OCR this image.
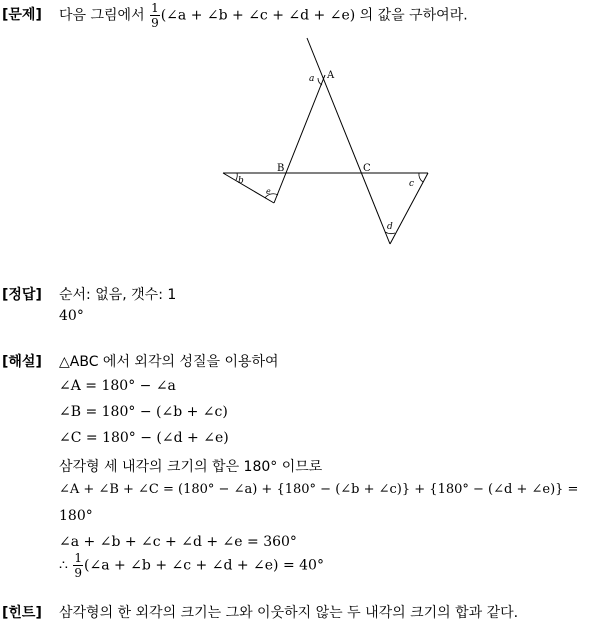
[문제] 다음 그림에서 $\frac{1}{9}$ (∠a + ∠b + ∠c + ∠d + ∠e) 의 값을 구하여라.
A
B	C
a
b	c
d
e
[정답] 순서: 없음, 갯수: 1
40°
[해설] △ABC 에서 외각의 성질을 이용하여
∠A = 180° − ∠a
∠B = 180° − (∠b + ∠c)
∠C = 180° − (∠d + ∠e)
삼각형 세 내각의 크기의 합은 180° 이므로
∠A + ∠B + ∠C = (180° − ∠a) + {180° − (∠b + ∠c)} + {180° − (∠d + ∠e)} =
180°
∠a + ∠b + ∠c + ∠d + ∠e = 360°
∴ $\frac{1}{9}$ (∠a + ∠b + ∠c + ∠d + ∠e) = 40°
[힌트] 삼각형의 한 외각의 크기는 그와 이웃하지 않는 두 내각의 크기의 합과 같다.
